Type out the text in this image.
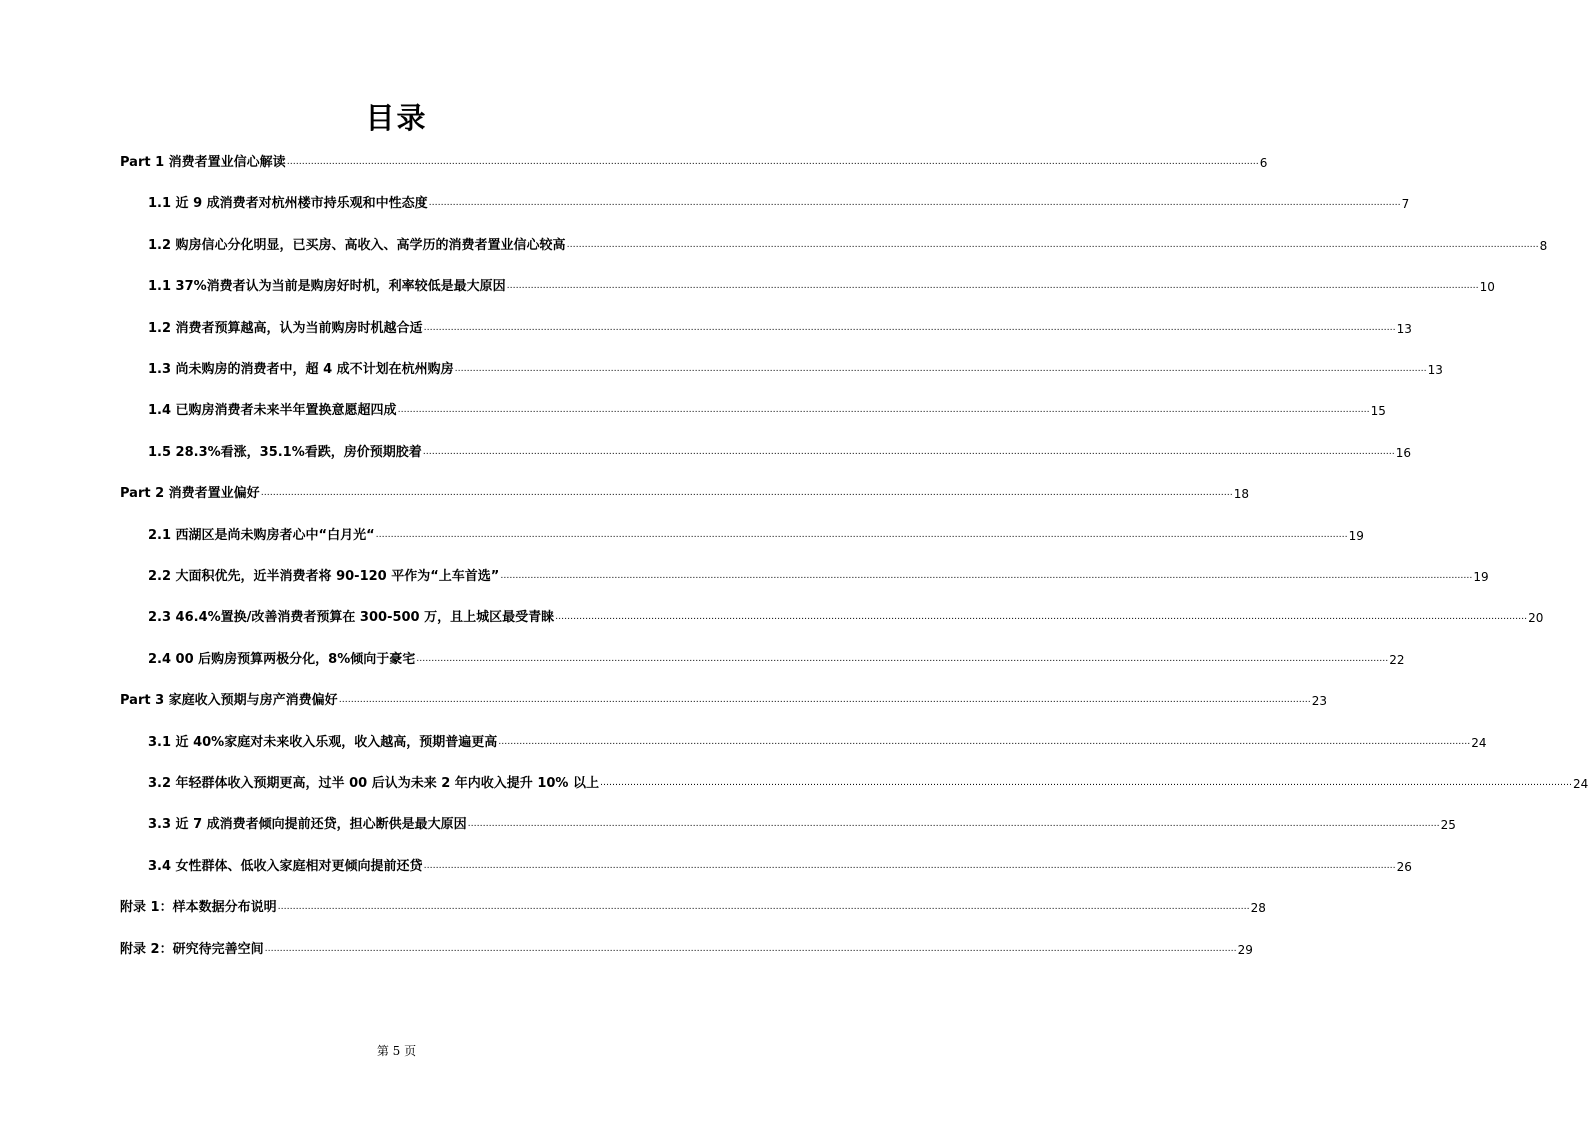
目录
Part 1 消费者置业信心解读 ……………………………………………………………………………………………………………………………………………………………………………………………………………………………………………………………………………………………… 6
1.1 近 9 成消费者对杭州楼市持乐观和中性态度 ……………………………………………………………………………………………………………………………………………………………………………………………………………………………………………………………………………………………… 7
1.2 购房信心分化明显，已买房、高收入、高学历的消费者置业信心较高 ……………………………………………………………………………………………………………………………………………………………………………………………………………………………………………………………………………………………… 8
1.1 37%消费者认为当前是购房好时机，利率较低是最大原因 ……………………………………………………………………………………………………………………………………………………………………………………………………………………………………………………………………………………………… 10
1.2 消费者预算越高，认为当前购房时机越合适 ……………………………………………………………………………………………………………………………………………………………………………………………………………………………………………………………………………………………… 13
1.3 尚未购房的消费者中，超 4 成不计划在杭州购房 ……………………………………………………………………………………………………………………………………………………………………………………………………………………………………………………………………………………………… 13
1.4 已购房消费者未来半年置换意愿超四成 ……………………………………………………………………………………………………………………………………………………………………………………………………………………………………………………………………………………………… 15
1.5 28.3%看涨，35.1%看跌，房价预期胶着 ……………………………………………………………………………………………………………………………………………………………………………………………………………………………………………………………………………………………… 16
Part 2 消费者置业偏好 ……………………………………………………………………………………………………………………………………………………………………………………………………………………………………………………………………………………………… 18
2.1 西湖区是尚未购房者心中“白月光“ ……………………………………………………………………………………………………………………………………………………………………………………………………………………………………………………………………………………………… 19
2.2 大面积优先，近半消费者将 90-120 平作为“上车首选” ……………………………………………………………………………………………………………………………………………………………………………………………………………………………………………………………………………………………… 19
2.3 46.4%置换/改善消费者预算在 300-500 万，且上城区最受青睐 ……………………………………………………………………………………………………………………………………………………………………………………………………………………………………………………………………………………………… 20
2.4 00 后购房预算两极分化，8%倾向于豪宅 ……………………………………………………………………………………………………………………………………………………………………………………………………………………………………………………………………………………………… 22
Part 3 家庭收入预期与房产消费偏好 ……………………………………………………………………………………………………………………………………………………………………………………………………………………………………………………………………………………………… 23
3.1 近 40%家庭对未来收入乐观，收入越高，预期普遍更高 ……………………………………………………………………………………………………………………………………………………………………………………………………………………………………………………………………………………………… 24
3.2 年轻群体收入预期更高，过半 00 后认为未来 2 年内收入提升 10% 以上 ……………………………………………………………………………………………………………………………………………………………………………………………………………………………………………………………………………………………… 24
3.3 近 7 成消费者倾向提前还贷，担心断供是最大原因 ……………………………………………………………………………………………………………………………………………………………………………………………………………………………………………………………………………………………… 25
3.4 女性群体、低收入家庭相对更倾向提前还贷 ……………………………………………………………………………………………………………………………………………………………………………………………………………………………………………………………………………………………… 26
附录 1：样本数据分布说明 ……………………………………………………………………………………………………………………………………………………………………………………………………………………………………………………………………………………………… 28
附录 2：研究待完善空间 ……………………………………………………………………………………………………………………………………………………………………………………………………………………………………………………………………………………………… 29
第 5 页
